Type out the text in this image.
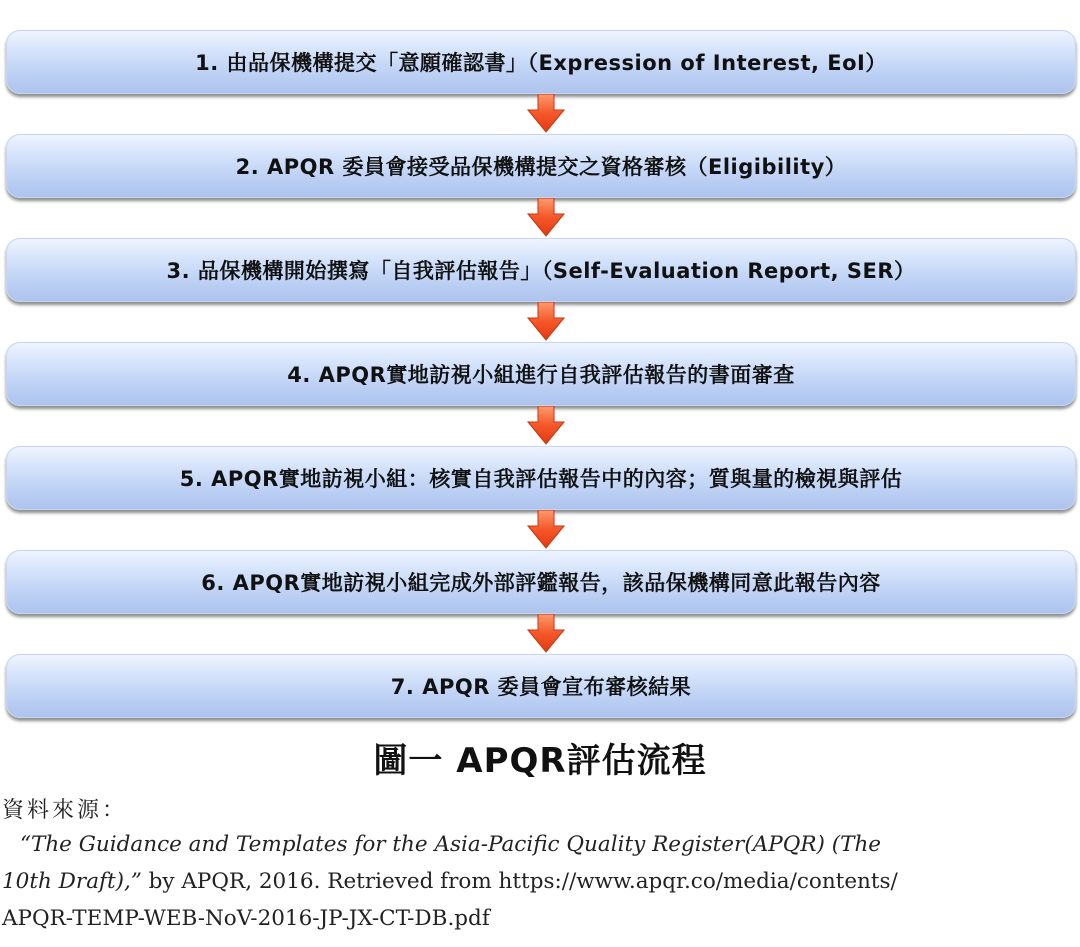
1. 由品保機構提交「意願確認書」（Expression of Interest, EoI）
2. APQR 委員會接受品保機構提交之資格審核（Eligibility）
3. 品保機構開始撰寫「自我評估報告」（Self-Evaluation Report, SER）
4. APQR實地訪視小組進行自我評估報告的書面審查
5. APQR實地訪視小組：核實自我評估報告中的內容；質與量的檢視與評估
6. APQR實地訪視小組完成外部評鑑報告，該品保機構同意此報告內容
7. APQR 委員會宣布審核結果
圖一 APQR評估流程
資料來源：
“The Guidance and Templates for the Asia-Pacific Quality Register(APQR) (The
10th Draft),” by APQR, 2016. Retrieved from https://www.apqr.co/media/contents/
APQR-TEMP-WEB-NoV-2016-JP-JX-CT-DB.pdf
